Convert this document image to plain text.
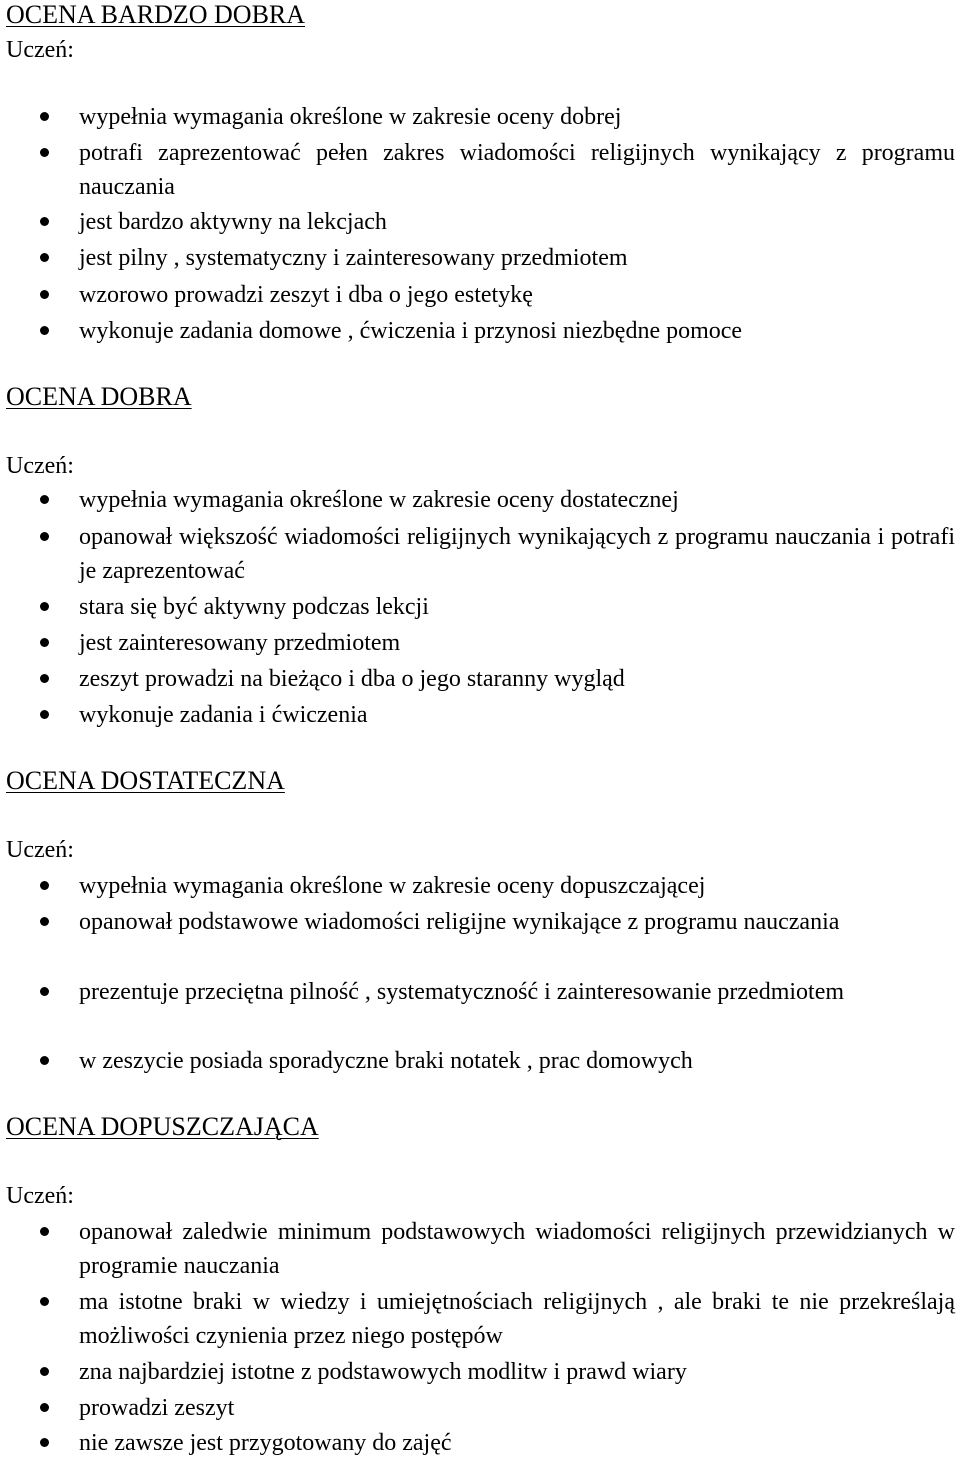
OCENA BARDZO DOBRA
Uczeń:
wypełnia wymagania określone w zakresie oceny dobrej
potrafi zaprezentować pełen zakres wiadomości religijnych wynikający z programu nauczania
jest bardzo aktywny na lekcjach
jest pilny , systematyczny i zainteresowany przedmiotem
wzorowo prowadzi zeszyt i dba o jego estetykę
wykonuje zadania domowe , ćwiczenia i przynosi niezbędne pomoce
OCENA DOBRA
Uczeń:
wypełnia wymagania określone w zakresie oceny dostatecznej
opanował większość wiadomości religijnych wynikających z programu nauczania i potrafi je zaprezentować
stara się być aktywny podczas lekcji
jest zainteresowany przedmiotem
zeszyt prowadzi na bieżąco i dba o jego staranny wygląd
wykonuje zadania i ćwiczenia
OCENA DOSTATECZNA
Uczeń:
wypełnia wymagania określone w zakresie oceny dopuszczającej
opanował podstawowe wiadomości religijne wynikające z programu nauczania
prezentuje przeciętna pilność , systematyczność i zainteresowanie przedmiotem
w zeszycie posiada sporadyczne braki notatek , prac domowych
OCENA DOPUSZCZAJĄCA
Uczeń:
opanował zaledwie minimum podstawowych wiadomości religijnych przewidzianych w programie nauczania
ma istotne braki w wiedzy i umiejętnościach religijnych , ale braki te nie przekreślają możliwości czynienia przez niego postępów
zna najbardziej istotne z podstawowych modlitw i prawd wiary
prowadzi zeszyt
nie zawsze jest przygotowany do zajęć
